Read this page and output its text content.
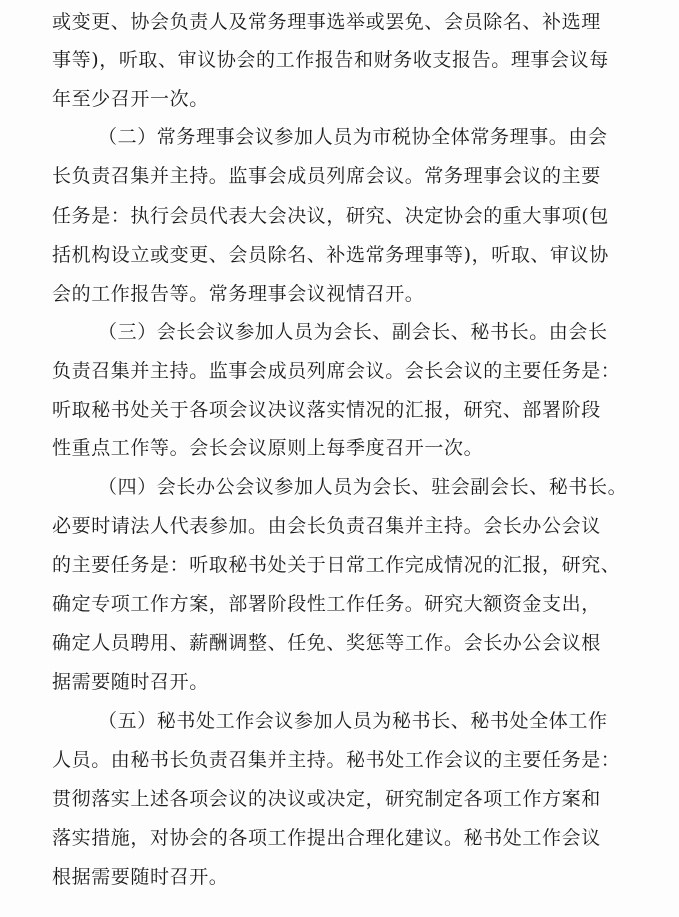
或变更、协会负责人及常务理事选举或罢免、会员除名、补选理
事等)，听取、审议协会的工作报告和财务收支报告。理事会议每
年至少召开一次。
（二）常务理事会议参加人员为市税协全体常务理事。由会
长负责召集并主持。监事会成员列席会议。常务理事会议的主要
任务是：执行会员代表大会决议，研究、决定协会的重大事项(包
括机构设立或变更、会员除名、补选常务理事等)，听取、审议协
会的工作报告等。常务理事会议视情召开。
（三）会长会议参加人员为会长、副会长、秘书长。由会长
负责召集并主持。监事会成员列席会议。会长会议的主要任务是：
听取秘书处关于各项会议决议落实情况的汇报，研究、部署阶段
性重点工作等。会长会议原则上每季度召开一次。
（四）会长办公会议参加人员为会长、驻会副会长、秘书长。
必要时请法人代表参加。由会长负责召集并主持。会长办公会议
的主要任务是：听取秘书处关于日常工作完成情况的汇报，研究、
确定专项工作方案，部署阶段性工作任务。研究大额资金支出，
确定人员聘用、薪酬调整、任免、奖惩等工作。会长办公会议根
据需要随时召开。
（五）秘书处工作会议参加人员为秘书长、秘书处全体工作
人员。由秘书长负责召集并主持。秘书处工作会议的主要任务是：
贯彻落实上述各项会议的决议或决定，研究制定各项工作方案和
落实措施，对协会的各项工作提出合理化建议。秘书处工作会议
根据需要随时召开。
